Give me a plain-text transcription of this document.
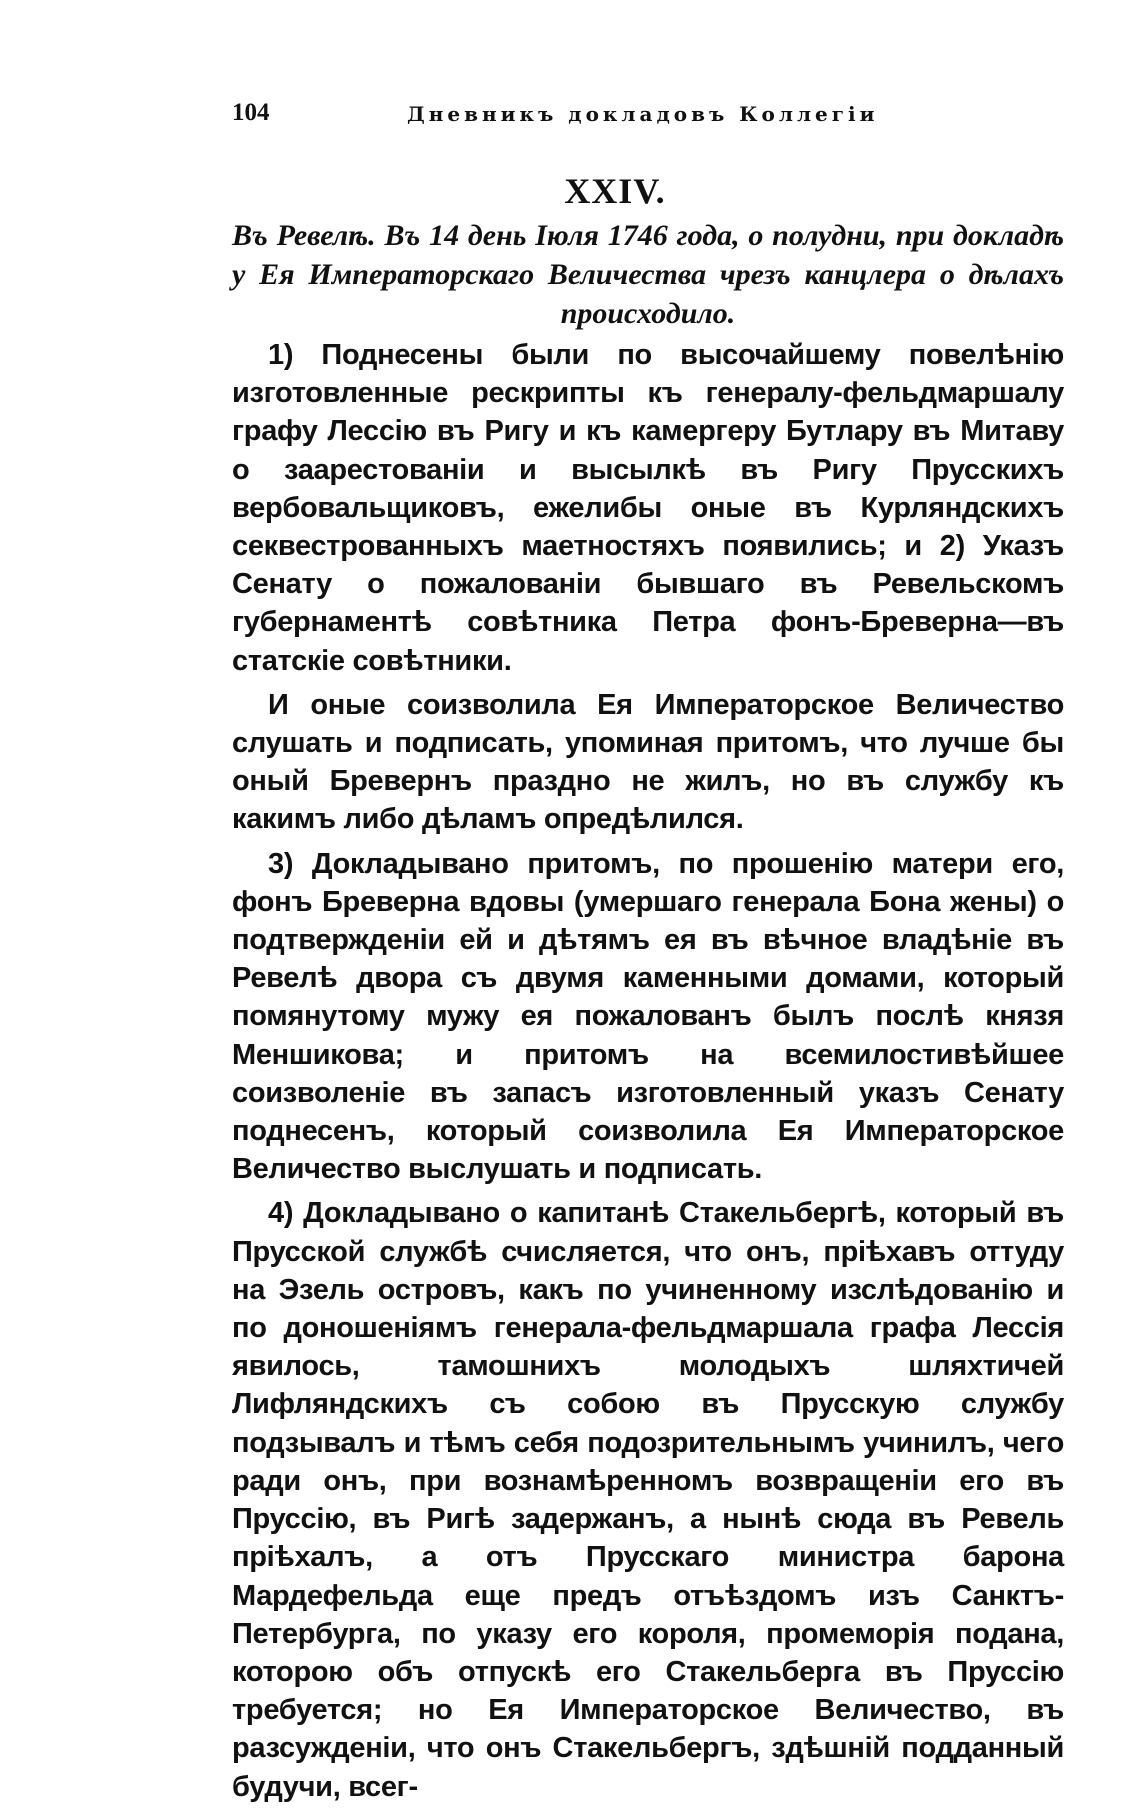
104	Дневникъ докладовъ Коллегіи
XXIV.
Въ Ревелѣ. Въ 14 день Іюля 1746 года, о полудни, при докладѣ у Ея Императорскаго Величества чрезъ канцлера о дѣлахъ происходило.

1) Поднесены были по высочайшему повелѣнію изготовленные рескрипты къ генералу-фельдмаршалу графу Лессію въ Ригу и къ камергеру Бутлару въ Митаву о заарестованіи и высылкѣ въ Ригу Прусскихъ вербовальщиковъ, ежелибы оные въ Курляндскихъ секвестрованныхъ маетностяхъ появились; и 2) Указъ Сенату о пожалованіи бывшаго въ Ревельскомъ губернаментѣ совѣтника Петра фонъ-Бреверна—въ статскіе совѣтники.

И оные соизволила Ея Императорское Величество слушать и подписать, упоминая притомъ, что лучше бы оный Бревернъ праздно не жилъ, но въ службу къ какимъ либо дѣламъ опредѣлился.

3) Докладывано притомъ, по прошенію матери его, фонъ Бреверна вдовы (умершаго генерала Бона жены) о подтвержденіи ей и дѣтямъ ея въ вѣчное владѣніе въ Ревелѣ двора съ двумя каменными домами, который помянутому мужу ея пожалованъ былъ послѣ князя Меншикова; и притомъ на всемилостивѣйшее соизволеніе въ запасъ изготовленный указъ Сенату поднесенъ, который соизволила Ея Императорское Величество выслушать и подписать.

4) Докладывано о капитанѣ Стакельбергѣ, который въ Прусской службѣ счисляется, что онъ, пріѣхавъ оттуду на Эзель островъ, какъ по учиненному изслѣдованію и по доношеніямъ генерала-фельдмаршала графа Лессія явилось, тамошнихъ молодыхъ шляхтичей Лифляндскихъ съ собою въ Прусскую службу подзывалъ и тѣмъ себя подозрительнымъ учинилъ, чего ради онъ, при вознамѣренномъ возвращеніи его въ Пруссію, въ Ригѣ задержанъ, а нынѣ сюда въ Ревель пріѣхалъ, а отъ Прусскаго министра барона Мардефельда еще предъ отъѣздомъ изъ Санктъ-Петербурга, по указу его короля, промеморія подана, которою объ отпускѣ его Стакельберга въ Пруссію требуется; но Ея Императорское Величество, въ разсужденіи, что онъ Стакельбергъ, здѣшній подданный будучи, всег-
